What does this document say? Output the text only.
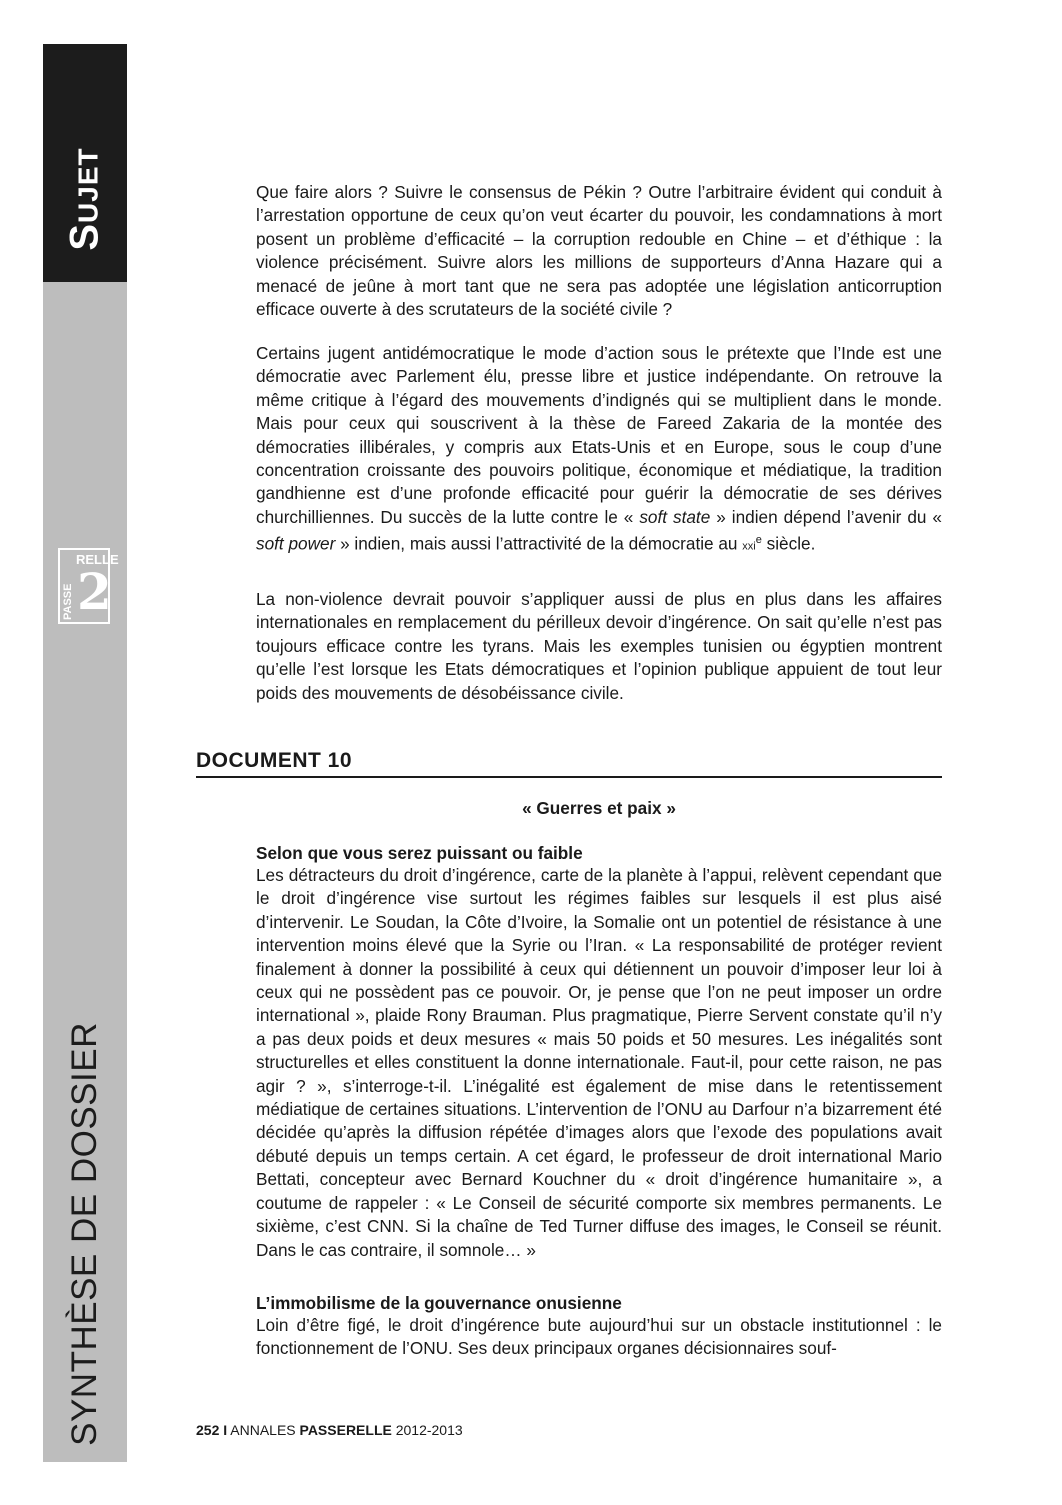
Sujet
SYNTHÈSE DE DOSSIER
RELLE
PASSE 2

Que faire alors ? Suivre le consensus de Pékin ? Outre l’arbitraire évident qui conduit à l’arrestation opportune de ceux qu’on veut écarter du pouvoir, les condamnations à mort posent un problème d’efficacité – la corruption redouble en Chine – et d’éthique : la violence précisément. Suivre alors les millions de supporteurs d’Anna Hazare qui a menacé de jeûne à mort tant que ne sera pas adoptée une législation anticorruption efficace ouverte à des scrutateurs de la société civile ?

Certains jugent antidémocratique le mode d’action sous le prétexte que l’Inde est une démocratie avec Parlement élu, presse libre et justice indépendante. On retrouve la même critique à l’égard des mouvements d’indignés qui se multiplient dans le monde. Mais pour ceux qui souscrivent à la thèse de Fareed Zakaria de la montée des démocraties illibérales, y compris aux Etats-Unis et en Europe, sous le coup d’une concentration croissante des pouvoirs politique, économique et médiatique, la tradition gandhienne est d’une profonde efficacité pour guérir la démocratie de ses dérives churchilliennes. Du succès de la lutte contre le « soft state » indien dépend l’avenir du « soft power » indien, mais aussi l’attractivité de la démocratie au xxi$^e$ siècle.

La non-violence devrait pouvoir s’appliquer aussi de plus en plus dans les affaires internationales en remplacement du périlleux devoir d’ingérence. On sait qu’elle n’est pas toujours efficace contre les tyrans. Mais les exemples tunisien ou égyptien montrent qu’elle l’est lorsque les Etats démocratiques et l’opinion publique appuient de tout leur poids des mouvements de désobéissance civile.

DOCUMENT 10
« Guerres et paix »
Selon que vous serez puissant ou faible

Les détracteurs du droit d’ingérence, carte de la planète à l’appui, relèvent cependant que le droit d’ingérence vise surtout les régimes faibles sur lesquels il est plus aisé d’intervenir. Le Soudan, la Côte d’Ivoire, la Somalie ont un potentiel de résistance à une intervention moins élevé que la Syrie ou l’Iran. « La responsabilité de protéger revient finalement à donner la possibilité à ceux qui détiennent un pouvoir d’imposer leur loi à ceux qui ne possèdent pas ce pouvoir. Or, je pense que l’on ne peut imposer un ordre international », plaide Rony Brauman. Plus pragmatique, Pierre Servent constate qu’il n’y a pas deux poids et deux mesures « mais 50 poids et 50 mesures. Les inégalités sont structurelles et elles constituent la donne internationale. Faut-il, pour cette raison, ne pas agir ? », s’interroge-t-il. L’inégalité est également de mise dans le retentissement médiatique de certaines situations. L’intervention de l’ONU au Darfour n’a bizarrement été décidée qu’après la diffusion répétée d’images alors que l’exode des populations avait débuté depuis un temps certain. A cet égard, le professeur de droit international Mario Bettati, concepteur avec Bernard Kouchner du « droit d’ingérence humanitaire », a coutume de rappeler : « Le Conseil de sécurité comporte six membres permanents. Le sixième, c’est CNN. Si la chaîne de Ted Turner diffuse des images, le Conseil se réunit. Dans le cas contraire, il somnole… »

L’immobilisme de la gouvernance onusienne

Loin d’être figé, le droit d’ingérence bute aujourd’hui sur un obstacle institutionnel : le fonctionnement de l’ONU. Ses deux principaux organes décisionnaires souf-

252 I ANNALES PASSERELLE 2012-2013
